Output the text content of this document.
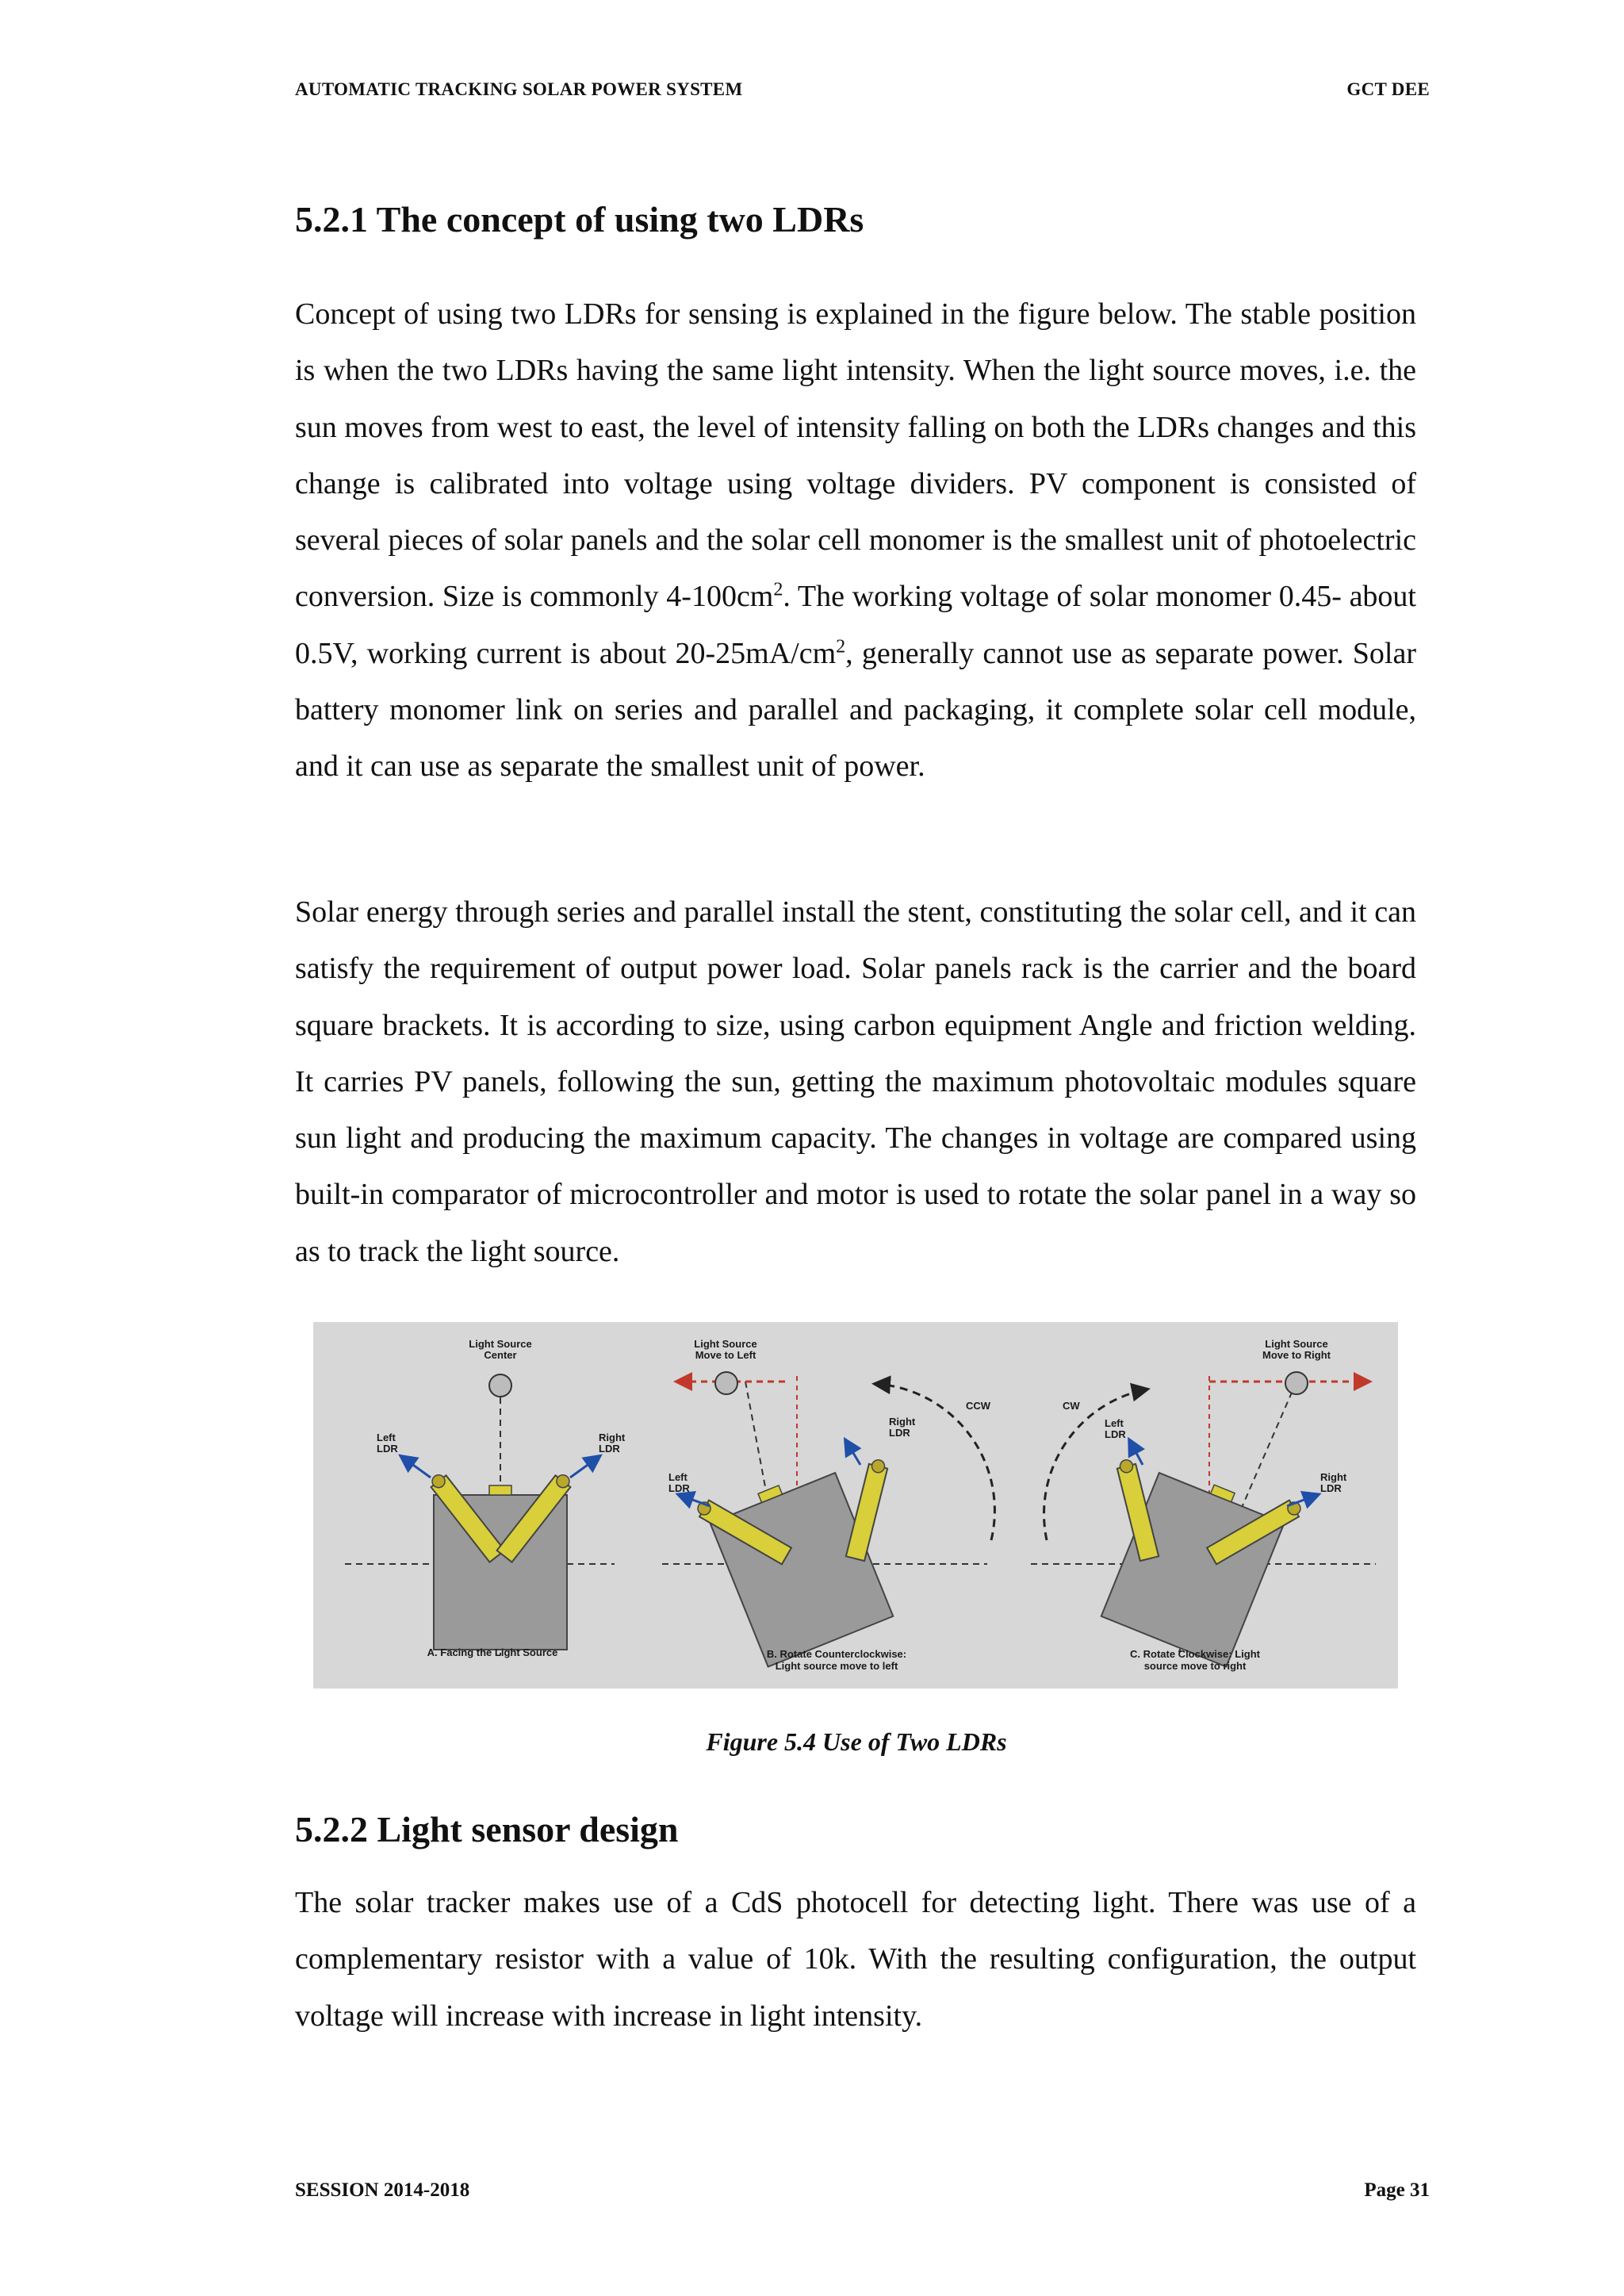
AUTOMATIC TRACKING SOLAR POWER SYSTEM	GCT DEE
5.2.1 The concept of using two LDRs

Concept of using two LDRs for sensing is explained in the figure below. The stable position is when the two LDRs having the same light intensity. When the light source moves, i.e. the sun moves from west to east, the level of intensity falling on both the LDRs changes and this change is calibrated into voltage using voltage dividers. PV component is consisted of several pieces of solar panels and the solar cell monomer is the smallest unit of photoelectric conversion. Size is commonly $4-100cm^2$. The working voltage of solar monomer 0.45- about 0.5V, working current is about $20-25mA/cm^2$, generally cannot use as separate power. Solar battery monomer link on series and parallel and packaging, it complete solar cell module, and it can use as separate the smallest unit of power.

Solar energy through series and parallel install the stent, constituting the solar cell, and it can satisfy the requirement of output power load. Solar panels rack is the carrier and the board square brackets. It is according to size, using carbon equipment Angle and friction welding. It carries PV panels, following the sun, getting the maximum photovoltaic modules square sun light and producing the maximum capacity. The changes in voltage are compared using built-in comparator of microcontroller and motor is used to rotate the solar panel in a way so as to track the light source.

Light Source
Center
Left
LDR
Right
LDR
A. Facing the Light Source
Light Source
Move to Left
Left
LDR
Right
LDR
CCW
B. Rotate Counterclockwise:
Light source move to left
Light Source
Move to Right
Left
LDR
Right
LDR
CW
C. Rotate Clockwise: Light
source move to right
Figure 5.4 Use of Two LDRs
5.2.2 Light sensor design

The solar tracker makes use of a CdS photocell for detecting light. There was use of a complementary resistor with a value of 10k. With the resulting configuration, the output voltage will increase with increase in light intensity.

SESSION 2014-2018	Page 31
